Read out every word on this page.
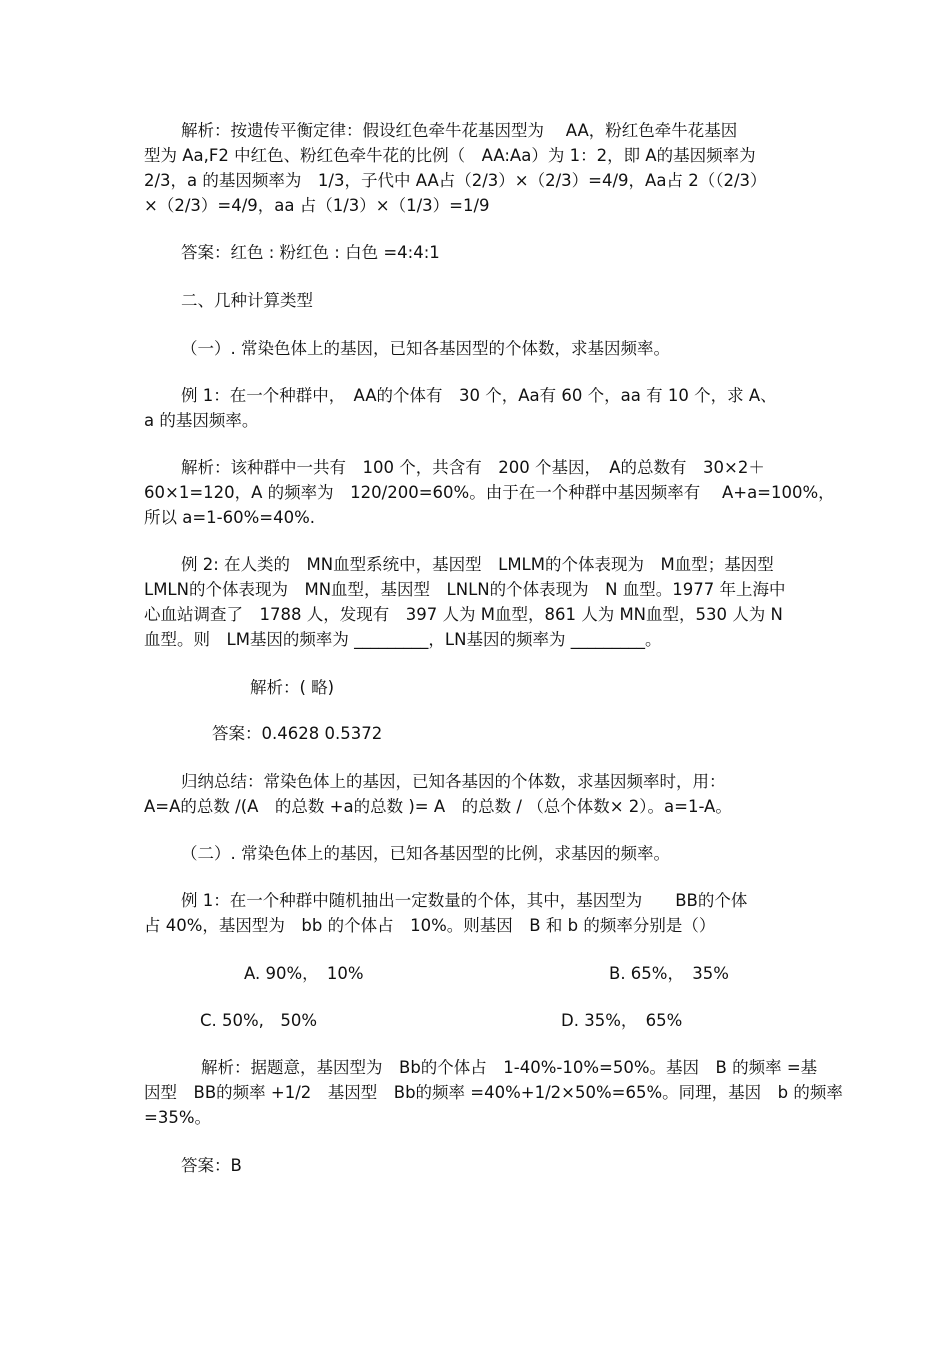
解析：按遗传平衡定律：假设红色牵牛花基因型为　 AA，粉红色牵牛花基因
型为 Aa,F2 中红色、粉红色牵牛花的比例（　AA:Aa）为 1：2，即 A的基因频率为
2/3，a 的基因频率为　1/3，子代中 AA占（2/3）×（2/3）=4/9，Aa占 2（（2/3）
×（2/3）=4/9，aa 占（1/3）×（1/3）=1/9
答案：红色 : 粉红色 : 白色 =4:4:1
二、几种计算类型
（一）. 常染色体上的基因，已知各基因型的个体数，求基因频率。
例 1：在一个种群中，　AA的个体有　30 个，Aa有 60 个，aa 有 10 个，求 A、
a 的基因频率。
解析：该种群中一共有　100 个，共含有　200 个基因，　A的总数有　30×2＋
60×1=120，A 的频率为　120/200=60%。由于在一个种群中基因频率有　 A+a=100%，
所以 a=1-60%=40%.
例 2: 在人类的　MN血型系统中，基因型　LMLM的个体表现为　M血型；基因型
LMLN的个体表现为　MN血型，基因型　LNLN的个体表现为　N 血型。1977 年上海中
心血站调查了　1788 人，发现有　397 人为 M血型，861 人为 MN血型，530 人为 N
血型。则　LM基因的频率为 _________，LN基因的频率为 _________。
解析：( 略)
答案：0.4628 0.5372
归纳总结：常染色体上的基因，已知各基因的个体数，求基因频率时，用：
A=A的总数 /(A　的总数 +a的总数 )= A　的总数 / （总个体数× 2）。a=1-A。
（二）. 常染色体上的基因，已知各基因型的比例，求基因的频率。
例 1：在一个种群中随机抽出一定数量的个体，其中，基因型为　　BB的个体
占 40%，基因型为　bb 的个体占　10%。则基因　B 和 b 的频率分别是（）
A. 90%，　10%	B. 65%，　35%
C. 50%,　50%	D. 35%，　65%
解析：据题意，基因型为　Bb的个体占　1-40%-10%=50%。基因　B 的频率 =基
因型　BB的频率 +1/2　基因型　Bb的频率 =40%+1/2×50%=65%。同理，基因　b 的频率
=35%。
答案：B
